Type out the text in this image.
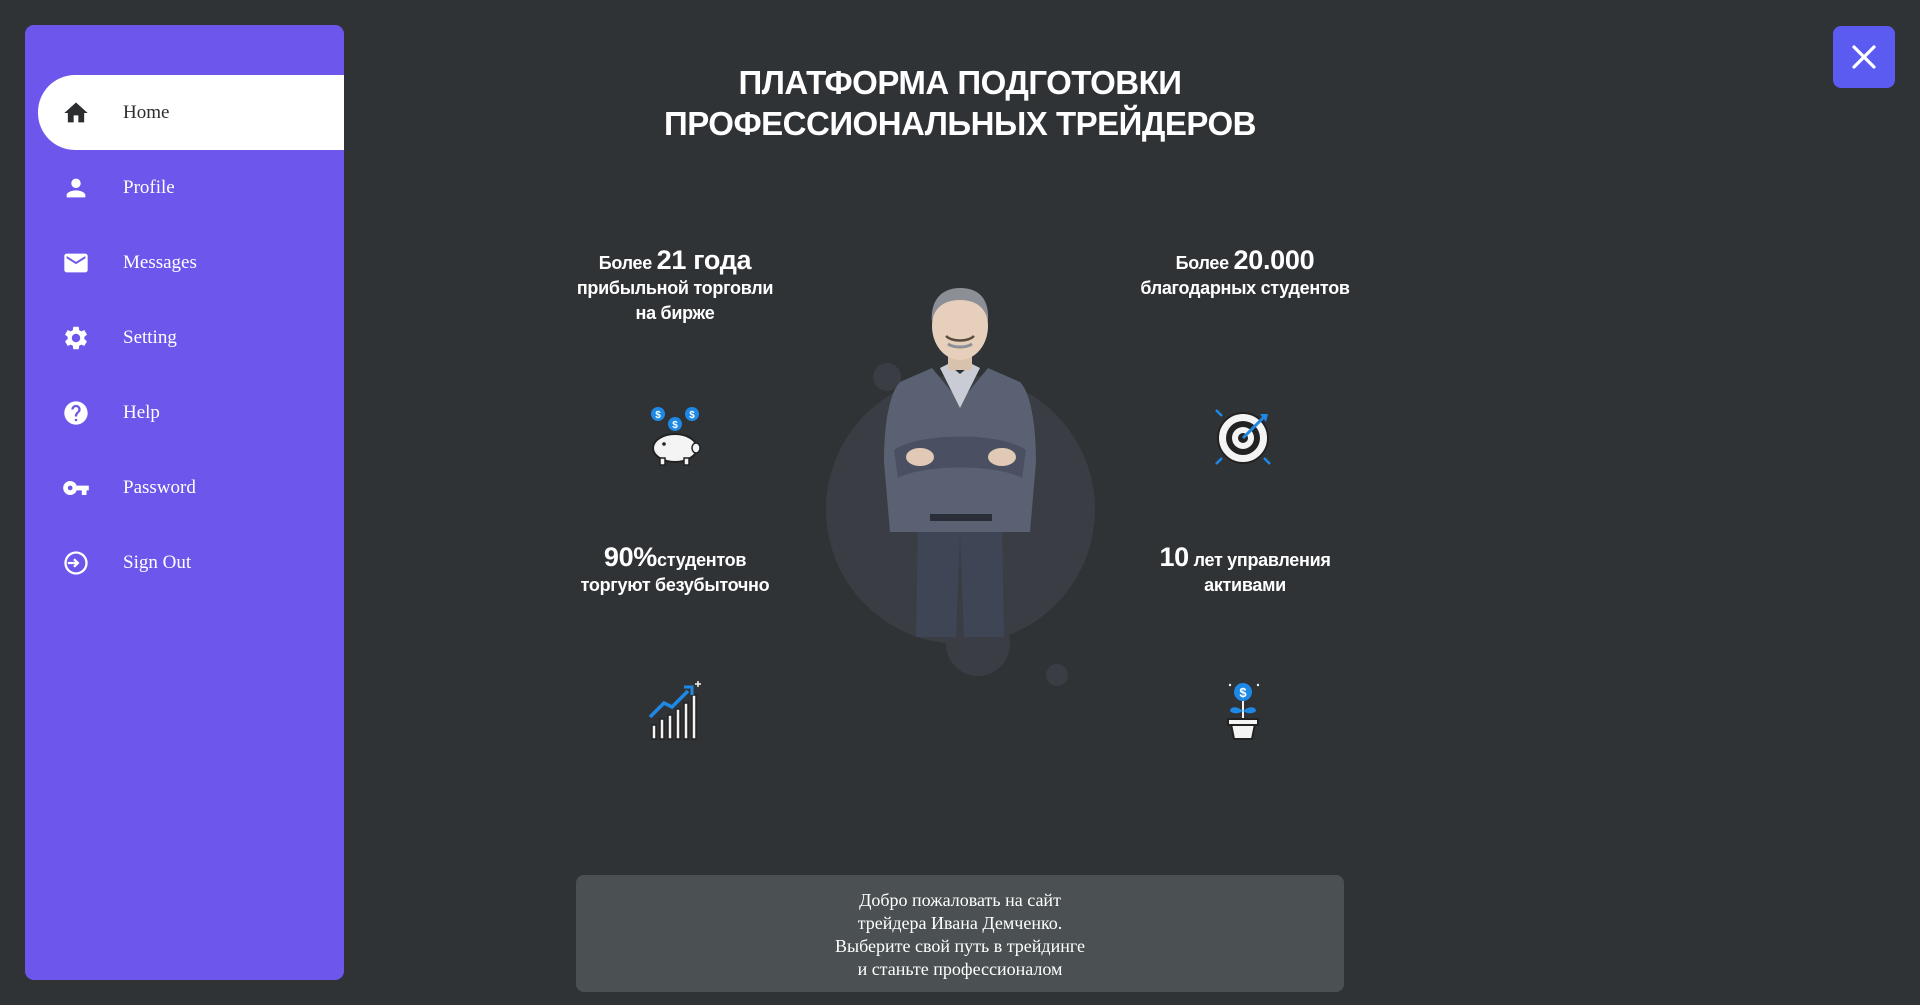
Home
Profile
Messages
Setting
Help
Password
Sign Out
ПЛАТФОРМА ПОДГОТОВКИ
ПРОФЕССИОНАЛЬНЫХ ТРЕЙДЕРОВ
Более 21 года
прибыльной торговли
на бирже
Более 20.000
благодарных студентов
90%студентов
торгуют безубыточно
10 лет управления
активами
$
$
$
$
Добро пожаловать на сайт
трейдера Ивана Демченко.
Выберите свой путь в трейдинге
и станьте профессионалом
